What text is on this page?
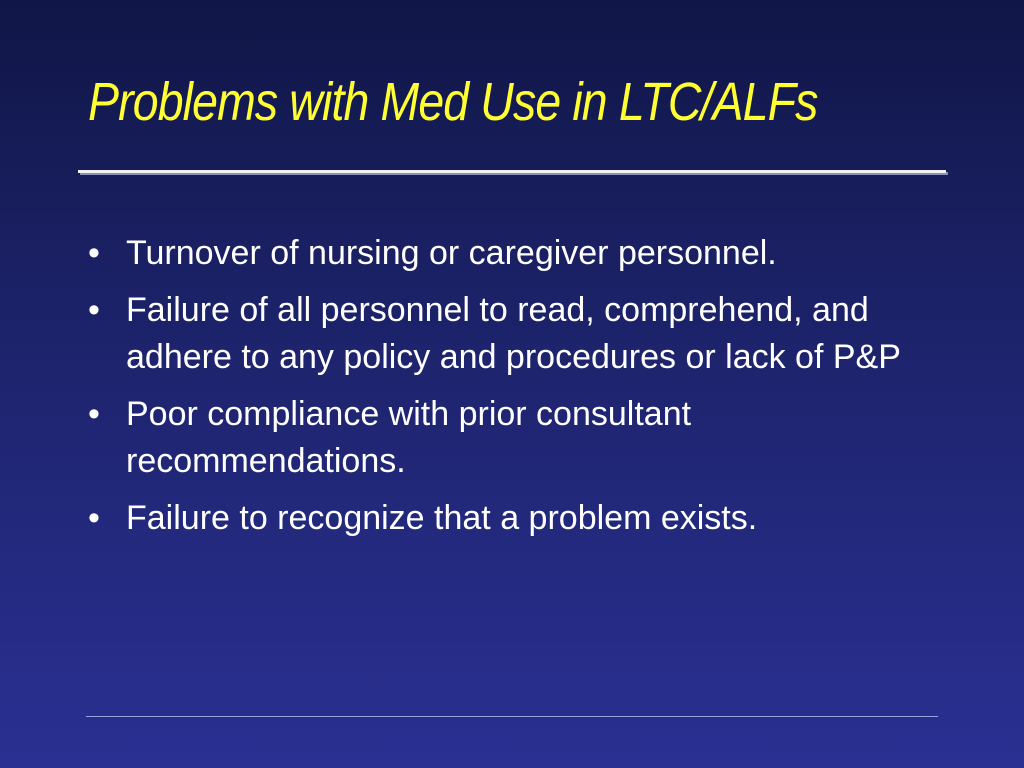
Problems with Med Use in LTC/ALFs
• Turnover of nursing or caregiver personnel.
• Failure of all personnel to read, comprehend, and adhere to any policy and procedures or lack of P&P
• Poor compliance with prior consultant recommendations.
• Failure to recognize that a problem exists.
